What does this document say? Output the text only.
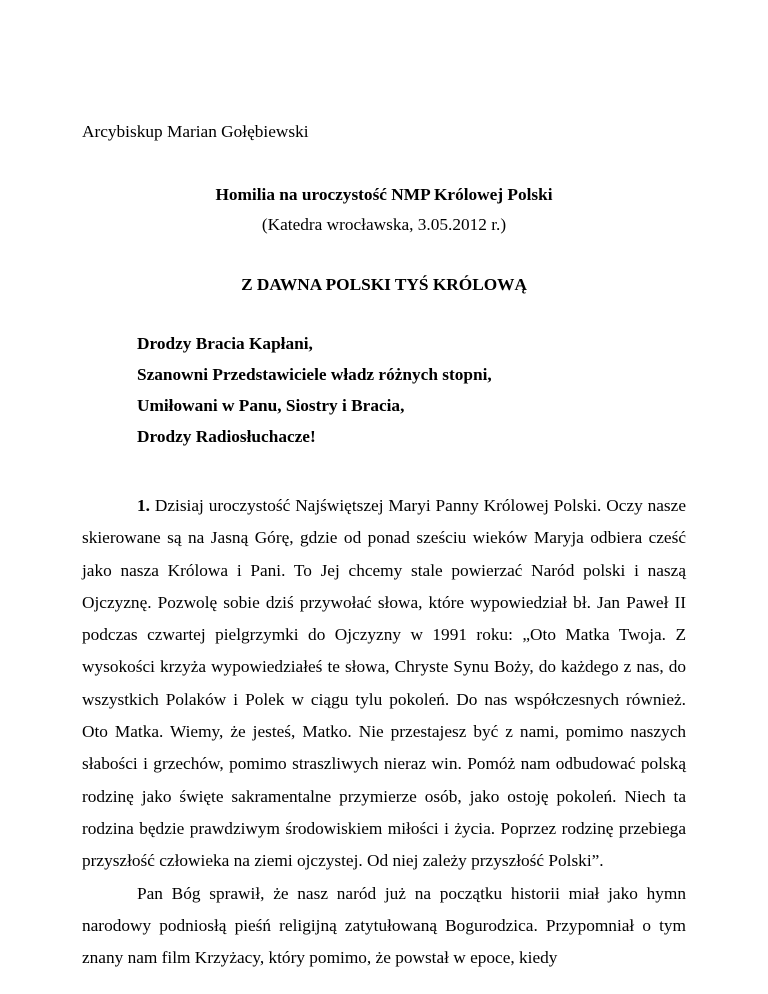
Arcybiskup Marian Gołębiewski

Homilia na uroczystość NMP Królowej Polski

(Katedra wrocławska, 3.05.2012 r.)

Z DAWNA POLSKI TYŚ KRÓLOWĄ

Drodzy Bracia Kapłani,
Szanowni Przedstawiciele władz różnych stopni,
Umiłowani w Panu, Siostry i Bracia,
Drodzy Radiosłuchacze!

1. Dzisiaj uroczystość Najświętszej Maryi Panny Królowej Polski. Oczy nasze skierowane są na Jasną Górę, gdzie od ponad sześciu wieków Maryja odbiera cześć jako nasza Królowa i Pani. To Jej chcemy stale powierzać Naród polski i naszą Ojczyznę. Pozwolę sobie dziś przywołać słowa, które wypowiedział bł. Jan Paweł II podczas czwartej pielgrzymki do Ojczyzny w 1991 roku: „Oto Matka Twoja. Z wysokości krzyża wypowiedziałeś te słowa, Chryste Synu Boży, do każdego z nas, do wszystkich Polaków i Polek w ciągu tylu pokoleń. Do nas współczesnych również. Oto Matka. Wiemy, że jesteś, Matko. Nie przestajesz być z nami, pomimo naszych słabości i grzechów, pomimo straszliwych nieraz win. Pomóż nam odbudować polską rodzinę jako święte sakramentalne przymierze osób, jako ostoję pokoleń. Niech ta rodzina będzie prawdziwym środowiskiem miłości i życia. Poprzez rodzinę przebiega przyszłość człowieka na ziemi ojczystej. Od niej zależy przyszłość Polski”.

Pan Bóg sprawił, że nasz naród już na początku historii miał jako hymn narodowy podniosłą pieśń religijną zatytułowaną Bogurodzica. Przypomniał o tym znany nam film Krzyżacy, który pomimo, że powstał w epoce, kiedy
